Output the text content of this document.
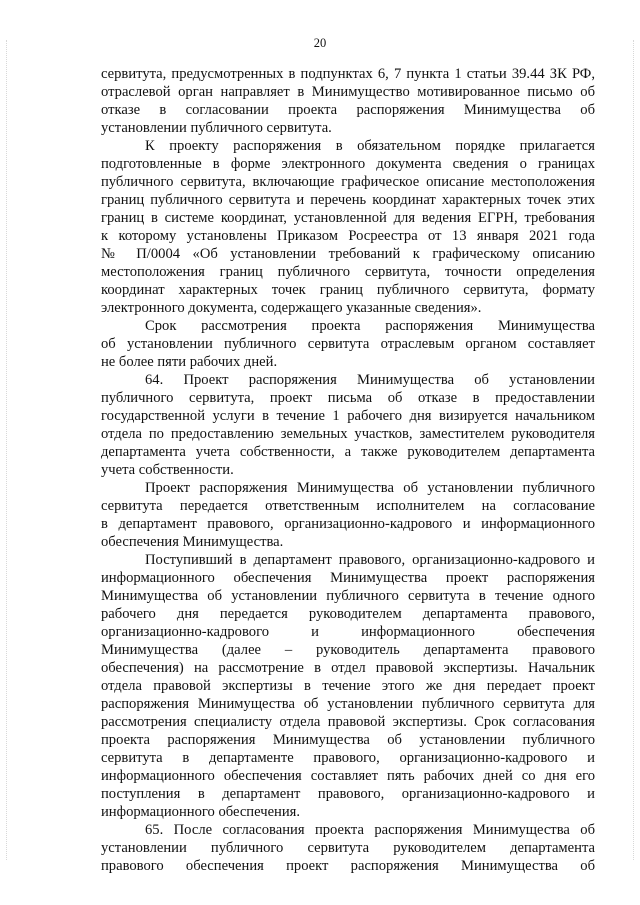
20
сервитута, предусмотренных в подпунктах 6, 7 пункта 1 статьи 39.44 ЗК РФ,
отраслевой орган направляет в Минимущество мотивированное письмо об
отказе в согласовании проекта распоряжения Минимущества об
установлении публичного сервитута.
К проекту распоряжения в обязательном порядке прилагается
подготовленные в форме электронного документа сведения о границах
публичного сервитута, включающие графическое описание местоположения
границ публичного сервитута и перечень координат характерных точек этих
границ в системе координат, установленной для ведения ЕГРН, требования
к которому установлены Приказом Росреестра от 13 января 2021 года
№ П/0004 «Об установлении требований к графическому описанию
местоположения границ публичного сервитута, точности определения
координат характерных точек границ публичного сервитута, формату
электронного документа, содержащего указанные сведения».
Срок рассмотрения проекта распоряжения Минимущества
об установлении публичного сервитута отраслевым органом составляет
не более пяти рабочих дней.
64. Проект распоряжения Минимущества об установлении
публичного сервитута, проект письма об отказе в предоставлении
государственной услуги в течение 1 рабочего дня визируется начальником
отдела по предоставлению земельных участков, заместителем руководителя
департамента учета собственности, а также руководителем департамента
учета собственности.
Проект распоряжения Минимущества об установлении публичного
сервитута передается ответственным исполнителем на согласование
в департамент правового, организационно-кадрового и информационного
обеспечения Минимущества.
Поступивший в департамент правового, организационно-кадрового и
информационного обеспечения Минимущества проект распоряжения
Минимущества об установлении публичного сервитута в течение одного
рабочего дня передается руководителем департамента правового,
организационно-кадрового и информационного обеспечения
Минимущества (далее – руководитель департамента правового
обеспечения) на рассмотрение в отдел правовой экспертизы. Начальник
отдела правовой экспертизы в течение этого же дня передает проект
распоряжения Минимущества об установлении публичного сервитута для
рассмотрения специалисту отдела правовой экспертизы. Срок согласования
проекта распоряжения Минимущества об установлении публичного
сервитута в департаменте правового, организационно-кадрового и
информационного обеспечения составляет пять рабочих дней со дня его
поступления в департамент правового, организационно-кадрового и
информационного обеспечения.
65. После согласования проекта распоряжения Минимущества об
установлении публичного сервитута руководителем департамента
правового обеспечения проект распоряжения Минимущества об
